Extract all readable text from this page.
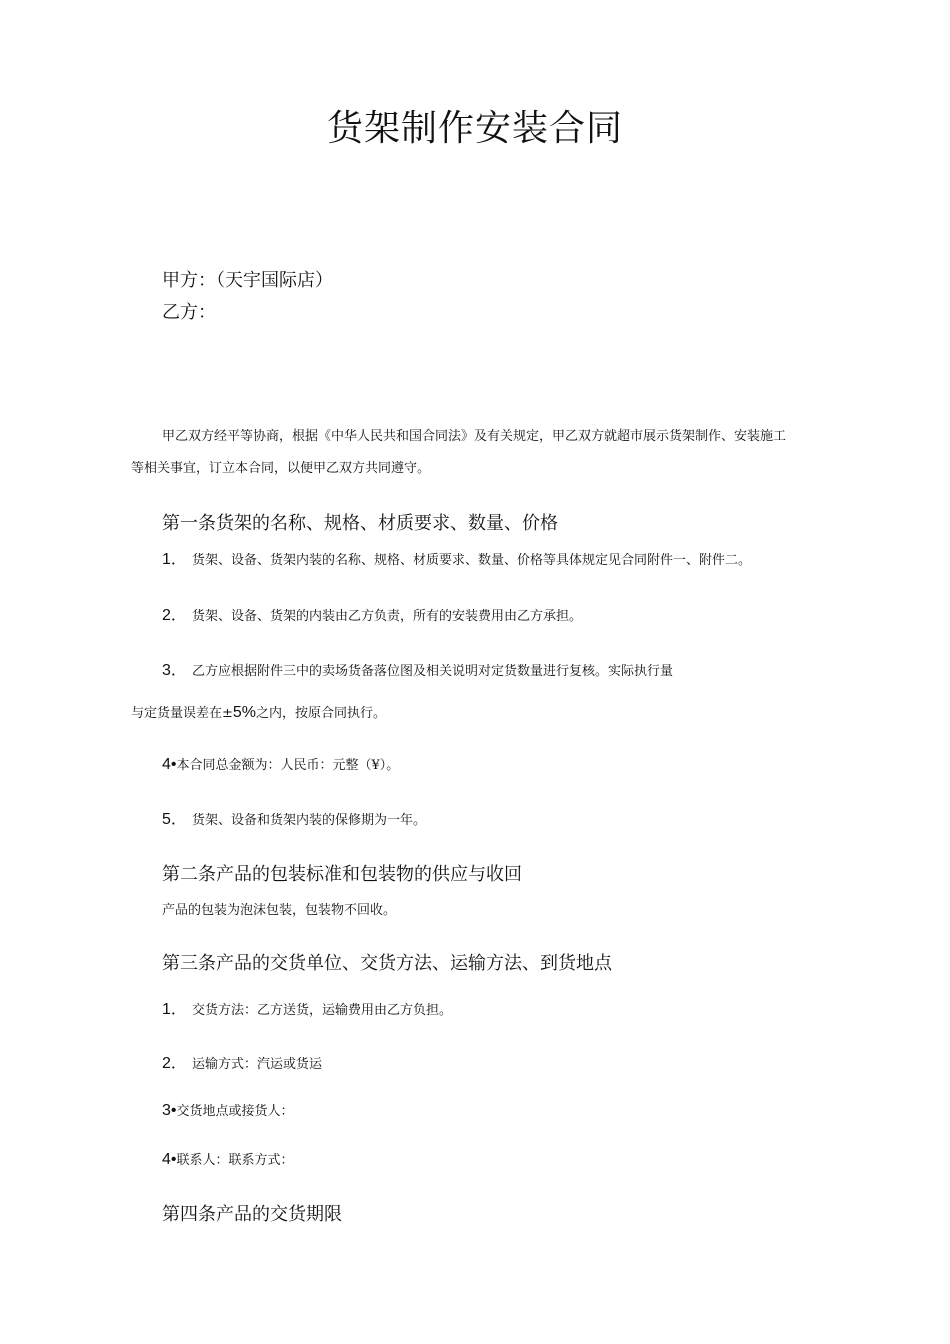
货架制作安装合同
甲方：（天宇国际店）
乙方：
甲乙双方经平等协商，根据《中华人民共和国合同法》及有关规定，甲乙双方就超市展示货架制作、安装施工
等相关事宜，订立本合同，以便甲乙双方共同遵守。
第一条货架的名称、规格、材质要求、数量、价格
1． 货架、设备、货架内装的名称、规格、材质要求、数量、价格等具体规定见合同附件一、附件二。
2． 货架、设备、货架的内装由乙方负责，所有的安装费用由乙方承担。
3． 乙方应根据附件三中的卖场货备落位图及相关说明对定货数量进行复核。实际执行量
与定货量误差在±5%之内，按原合同执行。
4•本合同总金额为：人民币：元整（¥）。
5． 货架、设备和货架内装的保修期为一年。
第二条产品的包装标准和包装物的供应与收回
产品的包装为泡沫包装，包装物不回收。
第三条产品的交货单位、交货方法、运输方法、到货地点
1． 交货方法：乙方送货，运输费用由乙方负担。
2． 运输方式：汽运或货运
3•交货地点或接货人：
4•联系人：联系方式：
第四条产品的交货期限
